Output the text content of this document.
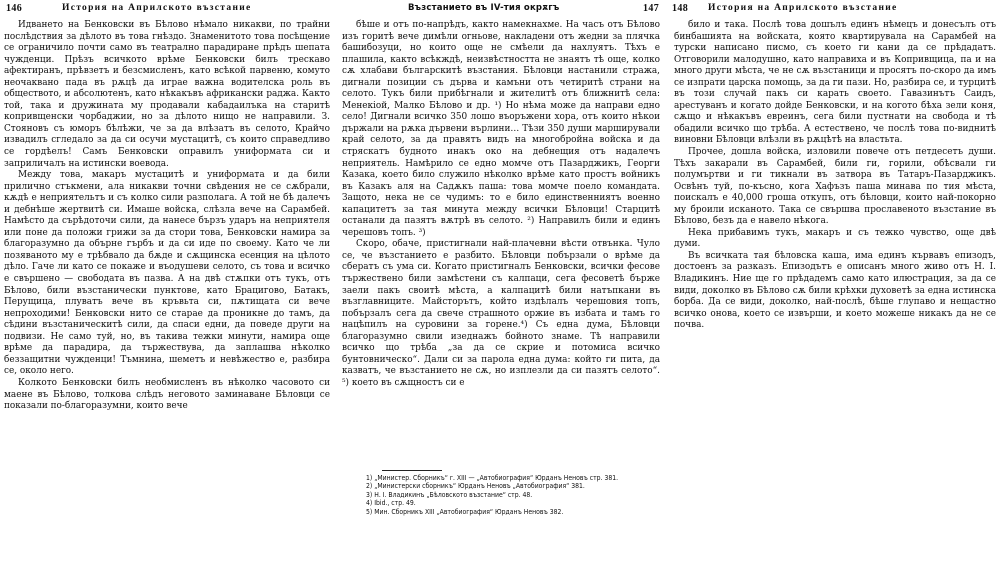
146	История на Априлското възстание

Идването на Бенковски въ Бѣлово нѣмало никакви, по трайни послѣдствия за дѣлото въ това гнѣздо. Знаменитото това посѣщение се ограничило почти само въ театрално парадиране прѣдъ шепата чужденци. Прѣзъ всичкото врѣме Бенковски билъ трескаво афектиранъ, прѣвзетъ и безсмисленъ, като всѣкой парвеню, комуто неочаквано пада въ рѫцѣ да играе важна водителска роль въ обществото, и абсолютенъ, като нѣкакъвъ африкански раджа. Както той, така и дружината му продавали кабадаилъка на старитѣ копривщенски чорбаджии, но за дѣлото нищо не направили. З. Стояновъ съ юморъ бѣлѣжи, че за да влѣзатъ въ селото, Крайчо извадилъ сгледало за да си осучи мустацитѣ, съ които справедливо се гордѣелъ! Самъ Бенковски оправилъ униформата си и заприличалъ на истински воевода.

Между това, макаръ мустацитѣ и униформата и да били прилично стъкмени, ала никакви точни свѣдения не се сѫбрали, кѫдѣ е неприятельтъ и съ колко сили разполага. А той не бѣ далечъ и дебнѣше жертвитѣ си. Имаше войска, слѣзла вече на Сарамбей. Намѣсто да сърѣдоточи сили, да нанесе бързъ ударъ на неприятеля или поне да положи грижи за да стори това, Бенковски намира за благоразумно да обърне гърбъ и да си иде по своему. Като че ли позяваното му е трѣбвало да бѫде и сѫщинска есенция на цѣлото дѣло. Гачe ли като се покаже и въодушеви селото, съ това и всичко е свършено — свободата въ пазва. А на двѣ стѫпки отъ тукъ, отъ Бѣлово, били възстанически пунктове, като Брацигово, Батакъ, Перущица, плуватъ вече въ кръвьта си, пѫтищата си вече непроходими! Бенковски нито се старае да проникне до тамъ, да сѣдини възстаническитѣ сили, да спаси едни, да поведе други на подвизи. Не само туй, но, въ такива тежки минути, намира още врѣме да парадира, да тържествува, да заплашва нѣколко беззащитни чужденци! Тъмнина, шеметъ и невѣжество е, разбира се, около него.

Колкото Бенковски билъ необмисленъ въ нѣколко часовото си маене въ Бѣлово, толкова слѣдъ неговото заминаване Бѣловци се показали по-благоразумни, които вече

Възстанието въ IV-тия окрѫгъ	147

бѣше и отъ по-напрѣдъ, както намекнахме. На часъ отъ Бѣлово изъ горитѣ вече димѣли огньове, накладени отъ жедни за плячка башибозуци, но които още не смѣели да нахлуятъ. Тѣхъ е плашила, както всѣкждѣ, неизвѣстността не знаятъ тѣ още, колко сѫ хлабави българскитѣ възстания. Бѣловци настанили стража, дигнали позиции съ дърва и камъни отъ четиритѣ страни на селото. Тукъ били прибѣгнали и жителитѣ отъ ближнитѣ села: Менекiой, Малко Бѣлово и др. ¹) Но нѣма може да направи едно село! Дигнали всичко 350 лошо въоръжени хора, отъ които нѣкои държали на рѫка дървени върлини… Тѣзи 350 души марширували край селото, за да правятъ видъ на многобройна войска и да стряскатъ будното инакъ око на дебнещия отъ надалечъ неприятель. Намѣрило се едно момче отъ Пазарджикъ, Георги Казака, което било служило нѣколко врѣме като простъ войникъ въ Казакъ аля на Садѫкъ паша: това момче поело командата. Защото, нека не се чудимъ: то е било единственниятъ военно капацитетъ за тая минута между всички Бѣловци! Старцитѣ останали да пазятъ вѫтрѣ въ селото. ²) Направилъ били и единъ черешовъ топъ. ³)

Скоро, обаче, пристигнали най-плачевни вѣсти отвънка. Чуло се, че възстанието е разбито. Бѣловци побързали о врѣме да сбератъ съ ума си. Когато пристигналъ Бенковски, всички фесове тържествено били замѣстени съ калпаци, сега фесоветѣ бърже заели пакъ своитѣ мѣста, а калпацитѣ били натъпкани въ възглавниците. Майсторътъ, който издѣлалъ черешовия топъ, побързалъ сега да свече страшното оржие въ избата и тамъ го нацѣпилъ на суровини за горене.⁴) Съ една дума, Бѣловци благоразумно свили изеднажъ бойното знаме. Тѣ направили всичко що трѣба „за да се скрие и потомиса всичко бунтовническо“. Дали си за парола една дума: който ги пита, да казватъ, че възстанието не сѫ, но изплезли да си пазятъ селото“. ⁵) което въ сѫщностъ си е

1) „Министер. Сборникъ“ г. XIII — „Автобиография“ Юрданъ Неновъ стр. 381.
2) „Министерски сборникъ“ Юрданъ Неновъ „Автобиография“ 381.
3) Н. I. Владикинъ „Бѣловското възстание“ стр. 48.
4) Ibid., стр. 49.
5) Мин. Сборникъ XIII „Автобиография“ Юрданъ Неновъ 382.
148 История на Априлското възстание

било и така. Послѣ това дошълъ единъ нѣмецъ и донесълъ отъ бинбашията на войската, която квартирувала на Сарамбей на турски написано писмо, съ което ги кани да се прѣдадатъ. Отговорили малодушно, като направиха и въ Копривщица, па и на много други мѣста, че не сѫ възстаници и просятъ по-скоро да имъ се изпрати царска помощь, за да ги пази. Но, разбира се, и турцитѣ въ този случай пакъ си карать своето. Гавазинътъ Саидъ, арестуванъ и когато дойде Бенковски, и на когото бѣха зели коня, сѫщо и нѣкакъвъ евреинъ, сега били пустнати на свобода и тѣ обадили всичко що трѣба. А естествено, че послѣ това по-виднитѣ виновни Бѣловци влѣзли въ рѫцѣтѣ на властьта.

Прочее, дошла войска, изловили повече отъ петдесетъ души. Тѣхъ закарали въ Сарамбей, били ги, горили, обѣсвали ги полумъртви и ги тикнали въ затвора въ Татаръ-Пазарджикъ. Освѣнъ туй, по-късно, кога Хафъзъ паша минава по тия мѣста, поискалъ е 40,000 грошa откупъ, отъ бѣловци, които най-покорно му броили исканото. Така се свършва прославеното възстание въ Бѣлово, безъ да е навело нѣкога.

Нека прибавимъ тукъ, макаръ и съ тежко чувство, още двѣ думи.

Въ всичката тая бѣловска каша, има единъ кървавъ епизодъ, достоенъ за разказъ. Епизодътъ е описанъ много живо отъ Н. I. Владикинъ. Ние ще го прѣдадемъ само като илюстрация, за да се види, доколко въ Бѣлово сѫ били крѣхки духоветѣ за една истинска борба. Да се види, доколко, най-послѣ, бѣше глупаво и нещастно всичко онова, което се извърши, и което можеше никакъ да не се почва.
